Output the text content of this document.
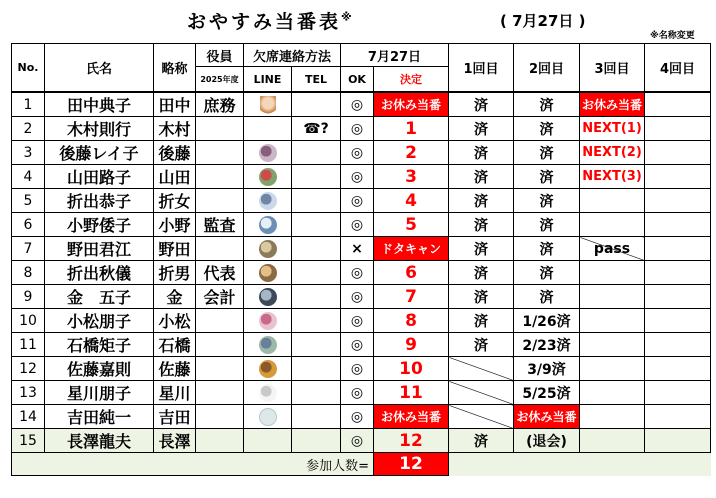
おやすみ当番表※	( 7月27日 )
※名称変更
No.	氏名	略称	役員	欠席連絡方法		7月27日		1回目	2回目	3回目	4回目
			2025年度	LINE	TEL	OK	決定				
1	田中典子	田中	庶務			◎	お休み当番	済	済	お休み当番	
2	木村則行	木村			☎?	◎	1	済	済	NEXT(1)	
3	後藤レイ子	後藤				◎	2	済	済	NEXT(2)	
4	山田路子	山田				◎	3	済	済	NEXT(3)	
5	折出恭子	折女				◎	4	済	済		
6	小野倭子	小野	監査			◎	5	済	済		
7	野田君江	野田				×	ドタキャン	済	済	pass	
8	折出秋儀	折男	代表			◎	6	済	済		
9	金　五子	金	会計			◎	7	済	済		
10	小松朋子	小松				◎	8	済	1/26済		
11	石橋矩子	石橋				◎	9	済	2/23済		
12	佐藤嘉則	佐藤				◎	10		3/9済		
13	星川朋子	星川				◎	11		5/25済		
14	吉田純一	吉田				◎	お休み当番		お休み当番		
15	長澤龍夫	長澤				◎	12	済	(退会)		
参加人数=							12				
